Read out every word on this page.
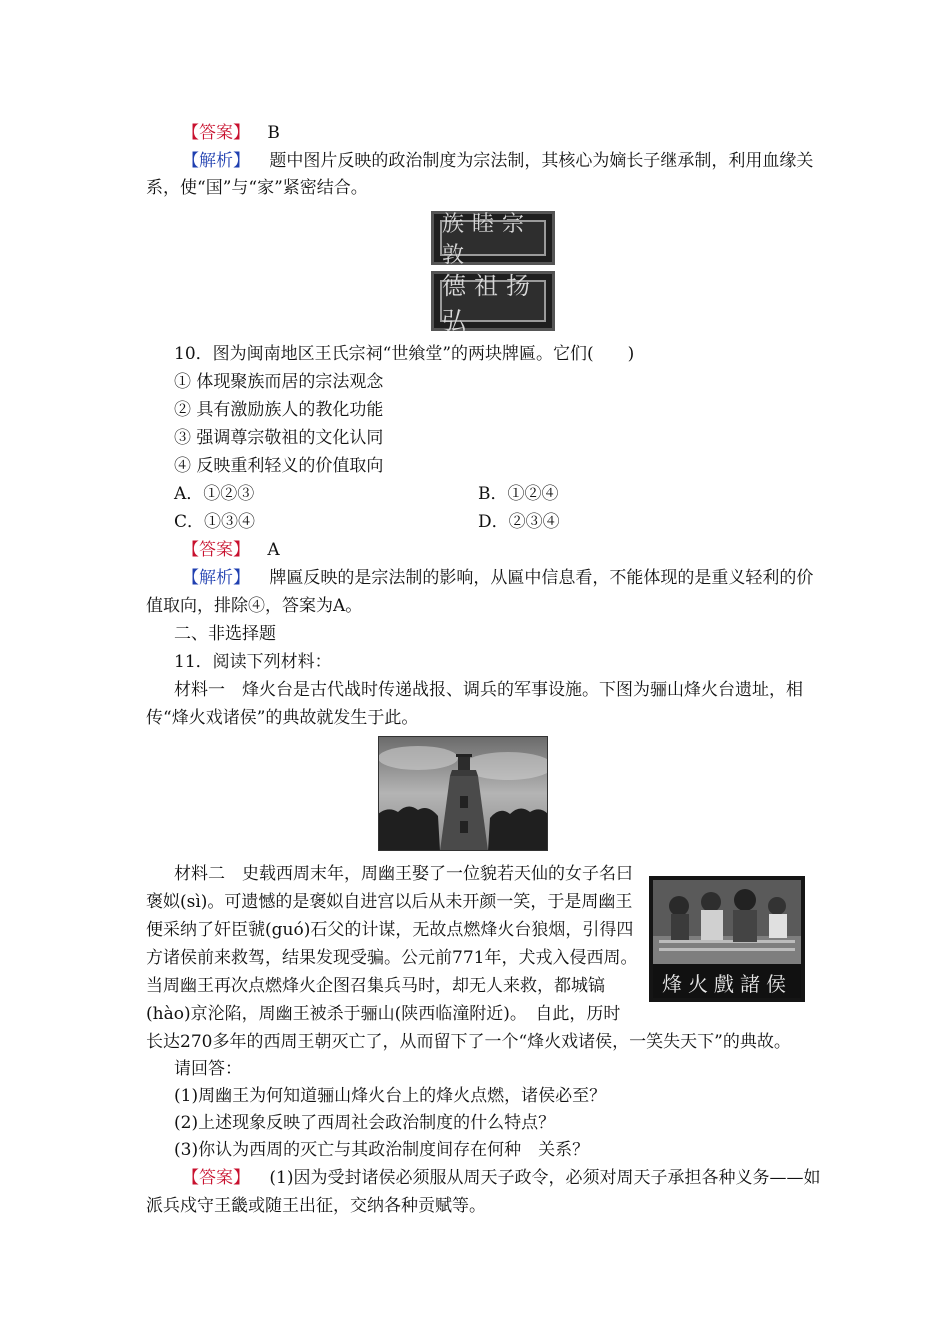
【答案】 B
【解析】 题中图片反映的政治制度为宗法制，其核心为嫡长子继承制，利用血缘关
系，使“国”与“家”紧密结合。
族睦宗敦
德祖扬弘
10．图为闽南地区王氏宗祠“世飨堂”的两块牌匾。它们(　　)
① 体现聚族而居的宗法观念
② 具有激励族人的教化功能
③ 强调尊宗敬祖的文化认同
④ 反映重利轻义的价值取向
A．①②③	B．①②④
C．①③④	D．②③④
【答案】 A
【解析】 牌匾反映的是宗法制的影响，从匾中信息看，不能体现的是重义轻利的价
值取向，排除④，答案为A。
二、非选择题
11．阅读下列材料：
材料一　烽火台是古代战时传递战报、调兵的军事设施。下图为骊山烽火台遗址，相
传“烽火戏诸侯”的典故就发生于此。
材料二　史载西周末年，周幽王娶了一位貌若天仙的女子名曰
褒姒(sì)。可遗憾的是褒姒自进宫以后从未开颜一笑，于是周幽王
便采纳了奸臣虢(guó)石父的计谋，无故点燃烽火台狼烟，引得四
方诸侯前来救驾，结果发现受骗。公元前771年，犬戎入侵西周。
当周幽王再次点燃烽火企图召集兵马时，却无人来救，都城镐
(hào)京沦陷，周幽王被杀于骊山(陕西临潼附近)。　自此，历时
长达270多年的西周王朝灭亡了，从而留下了一个“烽火戏诸侯，一笑失天下”的典故。
烽火戲諸侯
请回答：
(1)周幽王为何知道骊山烽火台上的烽火点燃，诸侯必至？
(2)上述现象反映了西周社会政治制度的什么特点？
(3)你认为西周的灭亡与其政治制度间存在何种　关系？
【答案】 (1)因为受封诸侯必须服从周天子政令，必须对周天子承担各种义务——如
派兵戍守王畿或随王出征，交纳各种贡赋等。
